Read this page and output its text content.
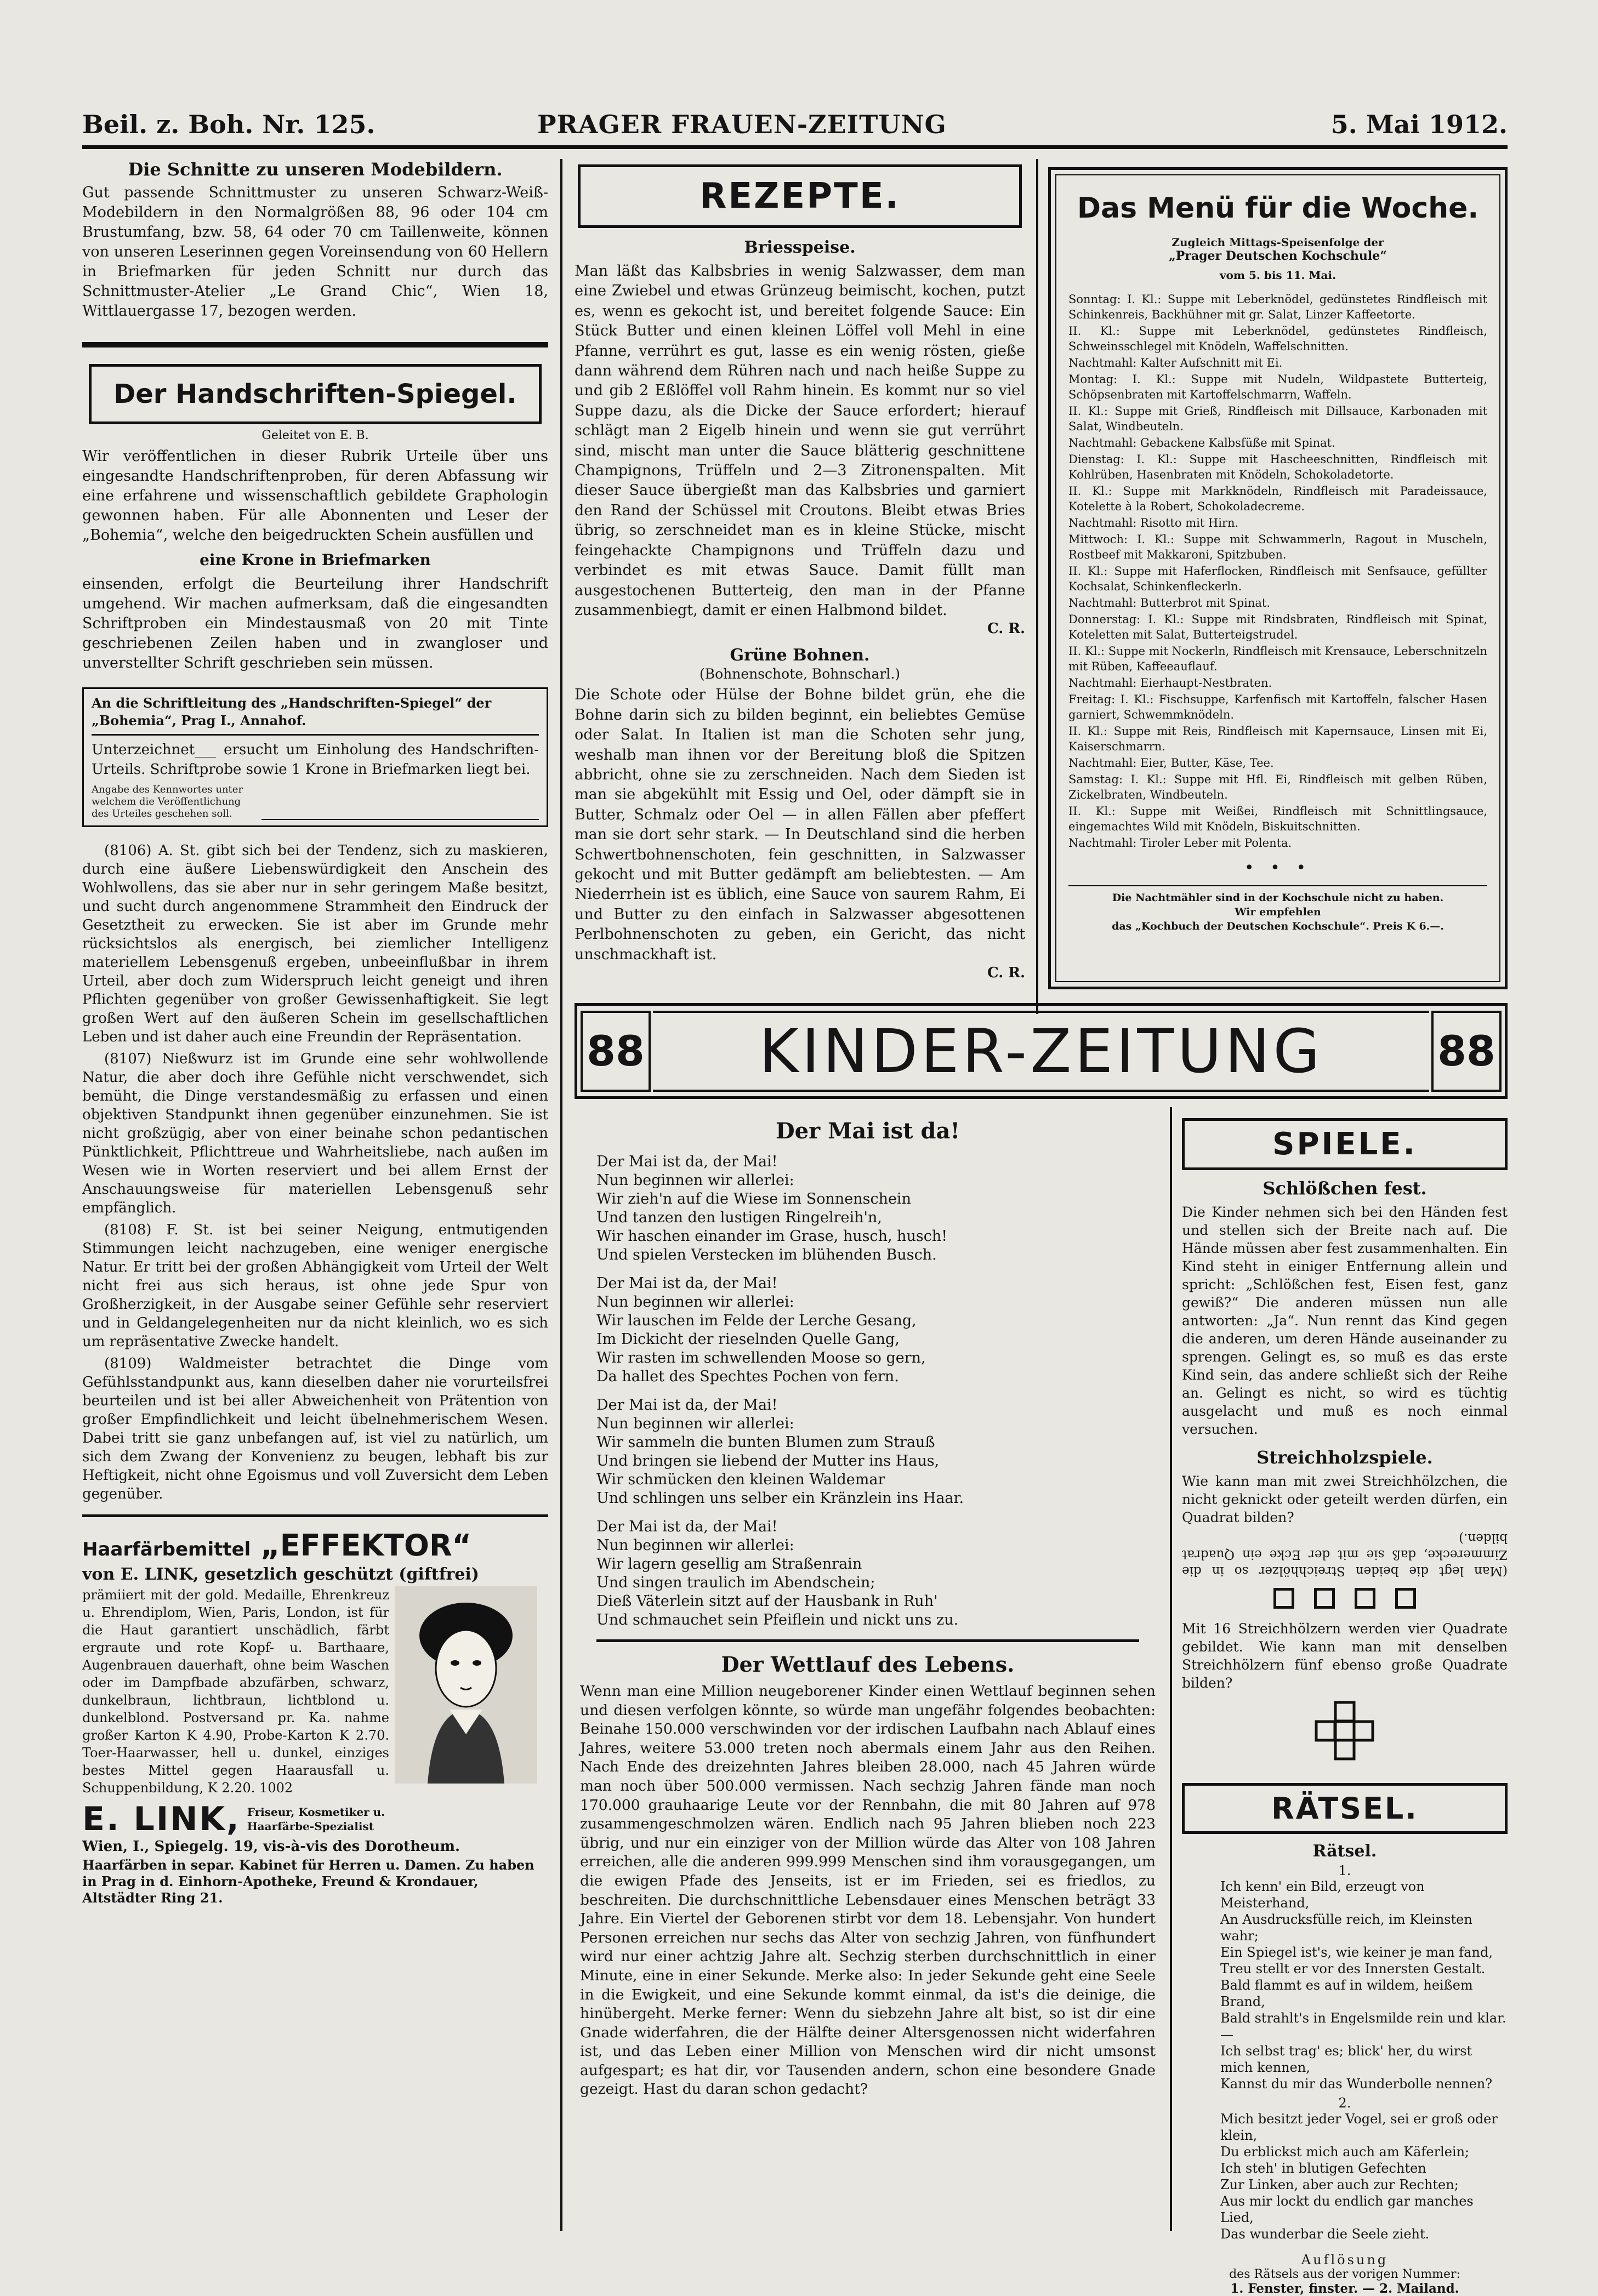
Beil. z. Boh. Nr. 125.	PRAGER FRAUEN-ZEITUNG	5. Mai 1912.
Die Schnitte zu unseren Modebildern.
Gut passende Schnittmuster zu unseren Schwarz-Weiß-Modebildern in den Normalgrößen 88, 96 oder 104 cm Brustumfang, bzw. 58, 64 oder 70 cm Taillenweite, können von unseren Leserinnen gegen Voreinsendung von 60 Hellern in Briefmarken für jeden Schnitt nur durch das Schnittmuster-Atelier „Le Grand Chic“, Wien 18, Wittlauergasse 17, bezogen werden.
Der Handschriften-Spiegel.
Geleitet von E. B.
Wir veröffentlichen in dieser Rubrik Urteile über uns eingesandte Handschriftenproben, für deren Abfassung wir eine erfahrene und wissenschaftlich gebildete Graphologin gewonnen haben. Für alle Abonnenten und Leser der „Bohemia“, welche den beigedruckten Schein ausfüllen und
eine Krone in Briefmarken
einsenden, erfolgt die Beurteilung ihrer Handschrift umgehend. Wir machen aufmerksam, daß die eingesandten Schriftproben ein Mindestausmaß von 20 mit Tinte geschriebenen Zeilen haben und in zwangloser und unverstellter Schrift geschrieben sein müssen.
An die Schriftleitung des „Handschriften-Spiegel“ der „Bohemia“, Prag I., Annahof.
Unterzeichnet___ ersucht um Einholung des Handschriften-Urteils. Schriftprobe sowie 1 Krone in Briefmarken liegt bei.
Angabe des Kennwortes unter welchem die Veröffentlichung des Urteiles geschehen soll.

(8106) A. St. gibt sich bei der Tendenz, sich zu maskieren, durch eine äußere Liebenswürdigkeit den Anschein des Wohlwollens, das sie aber nur in sehr geringem Maße besitzt, und sucht durch angenommene Strammheit den Eindruck der Gesetztheit zu erwecken. Sie ist aber im Grunde mehr rücksichtslos als energisch, bei ziemlicher Intelligenz materiellem Lebensgenuß ergeben, unbeeinflußbar in ihrem Urteil, aber doch zum Widerspruch leicht geneigt und ihren Pflichten gegenüber von großer Gewissenhaftigkeit. Sie legt großen Wert auf den äußeren Schein im gesellschaftlichen Leben und ist daher auch eine Freundin der Repräsentation.

(8107) Nießwurz ist im Grunde eine sehr wohlwollende Natur, die aber doch ihre Gefühle nicht verschwendet, sich bemüht, die Dinge verstandesmäßig zu erfassen und einen objektiven Standpunkt ihnen gegenüber einzunehmen. Sie ist nicht großzügig, aber von einer beinahe schon pedantischen Pünktlichkeit, Pflichttreue und Wahrheitsliebe, nach außen im Wesen wie in Worten reserviert und bei allem Ernst der Anschauungsweise für materiellen Lebensgenuß sehr empfänglich.

(8108) F. St. ist bei seiner Neigung, entmutigenden Stimmungen leicht nachzugeben, eine weniger energische Natur. Er tritt bei der großen Abhängigkeit vom Urteil der Welt nicht frei aus sich heraus, ist ohne jede Spur von Großherzigkeit, in der Ausgabe seiner Gefühle sehr reserviert und in Geldangelegenheiten nur da nicht kleinlich, wo es sich um repräsentative Zwecke handelt.

(8109) Waldmeister betrachtet die Dinge vom Gefühlsstandpunkt aus, kann dieselben daher nie vorurteilsfrei beurteilen und ist bei aller Abweichenheit von Prätention von großer Empfindlichkeit und leicht übelnehmerischem Wesen. Dabei tritt sie ganz unbefangen auf, ist viel zu natürlich, um sich dem Zwang der Konvenienz zu beugen, lebhaft bis zur Heftigkeit, nicht ohne Egoismus und voll Zuversicht dem Leben gegenüber.

Haarfärbemittel „EFFEKTOR“
von E. LINK, gesetzlich geschützt (giftfrei)
prämiiert mit der gold. Medaille, Ehrenkreuz u. Ehrendiplom, Wien, Paris, London, ist für die Haut garantiert unschädlich, färbt ergraute und rote Kopf- u. Barthaare, Augenbrauen dauerhaft, ohne beim Waschen oder im Dampfbade abzufärben, schwarz, dunkelbraun, lichtbraun, lichtblond u. dunkelblond. Postversand pr. Ka. nahme großer Karton K 4.90, Probe-Karton K 2.70. Toer-Haarwasser, hell u. dunkel, einziges bestes Mittel gegen Haarausfall u. Schuppenbildung, K 2.20. 1002
E. LINK, Friseur, Kosmetiker u. Haarfärbe-Spezialist
Wien, I., Spiegelg. 19, vis-à-vis des Dorotheum.
Haarfärben in separ. Kabinet für Herren u. Damen. Zu haben in Prag in d. Einhorn-Apotheke, Freund & Krondauer, Altstädter Ring 21.
REZEPTE.
Briesspeise.
Man läßt das Kalbsbries in wenig Salzwasser, dem man eine Zwiebel und etwas Grünzeug beimischt, kochen, putzt es, wenn es gekocht ist, und bereitet folgende Sauce: Ein Stück Butter und einen kleinen Löffel voll Mehl in eine Pfanne, verrührt es gut, lasse es ein wenig rösten, gieße dann während dem Rühren nach und nach heiße Suppe zu und gib 2 Eßlöffel voll Rahm hinein. Es kommt nur so viel Suppe dazu, als die Dicke der Sauce erfordert; hierauf schlägt man 2 Eigelb hinein und wenn sie gut verrührt sind, mischt man unter die Sauce blätterig geschnittene Champignons, Trüffeln und 2—3 Zitronenspalten. Mit dieser Sauce übergießt man das Kalbsbries und garniert den Rand der Schüssel mit Croutons. Bleibt etwas Bries übrig, so zerschneidet man es in kleine Stücke, mischt feingehackte Champignons und Trüffeln dazu und verbindet es mit etwas Sauce. Damit füllt man ausgestochenen Butterteig, den man in der Pfanne zusammenbiegt, damit er einen Halbmond bildet.
C. R.
Grüne Bohnen.
(Bohnenschote, Bohnscharl.)
Die Schote oder Hülse der Bohne bildet grün, ehe die Bohne darin sich zu bilden beginnt, ein beliebtes Gemüse oder Salat. In Italien ist man die Schoten sehr jung, weshalb man ihnen vor der Bereitung bloß die Spitzen abbricht, ohne sie zu zerschneiden. Nach dem Sieden ist man sie abgekühlt mit Essig und Oel, oder dämpft sie in Butter, Schmalz oder Oel — in allen Fällen aber pfeffert man sie dort sehr stark. — In Deutschland sind die herben Schwertbohnenschoten, fein geschnitten, in Salzwasser gekocht und mit Butter gedämpft am beliebtesten. — Am Niederrhein ist es üblich, eine Sauce von saurem Rahm, Ei und Butter zu den einfach in Salzwasser abgesottenen Perlbohnenschoten zu geben, ein Gericht, das nicht unschmackhaft ist.
C. R.
Das Menü für die Woche.
Zugleich Mittags-Speisenfolge der
„Prager Deutschen Kochschule“
vom 5. bis 11. Mai.
Sonntag: I. Kl.: Suppe mit Leberknödel, gedünstetes Rindfleisch mit Schinkenreis, Backhühner mit gr. Salat, Linzer Kaffeetorte.
II. Kl.: Suppe mit Leberknödel, gedünstetes Rindfleisch, Schweinsschlegel mit Knödeln, Waffelschnitten.
Nachtmahl: Kalter Aufschnitt mit Ei.
Montag: I. Kl.: Suppe mit Nudeln, Wildpastete Butterteig, Schöpsenbraten mit Kartoffelschmarrn, Waffeln.
II. Kl.: Suppe mit Grieß, Rindfleisch mit Dillsauce, Karbonaden mit Salat, Windbeuteln.
Nachtmahl: Gebackene Kalbsfüße mit Spinat.
Dienstag: I. Kl.: Suppe mit Hascheeschnitten, Rindfleisch mit Kohlrüben, Hasenbraten mit Knödeln, Schokoladetorte.
II. Kl.: Suppe mit Markknödeln, Rindfleisch mit Paradeissauce, Kotelette à la Robert, Schokoladecreme.
Nachtmahl: Risotto mit Hirn.
Mittwoch: I. Kl.: Suppe mit Schwammerln, Ragout in Muscheln, Rostbeef mit Makkaroni, Spitzbuben.
II. Kl.: Suppe mit Haferflocken, Rindfleisch mit Senfsauce, gefüllter Kochsalat, Schinkenfleckerln.
Nachtmahl: Butterbrot mit Spinat.
Donnerstag: I. Kl.: Suppe mit Rindsbraten, Rindfleisch mit Spinat, Koteletten mit Salat, Butterteigstrudel.
II. Kl.: Suppe mit Nockerln, Rindfleisch mit Krensauce, Leberschnitzeln mit Rüben, Kaffeeauflauf.
Nachtmahl: Eierhaupt-Nestbraten.
Freitag: I. Kl.: Fischsuppe, Karfenfisch mit Kartoffeln, falscher Hasen garniert, Schwemmknödeln.
II. Kl.: Suppe mit Reis, Rindfleisch mit Kapernsauce, Linsen mit Ei, Kaiserschmarrn.
Nachtmahl: Eier, Butter, Käse, Tee.
Samstag: I. Kl.: Suppe mit Hfl. Ei, Rindfleisch mit gelben Rüben, Zickelbraten, Windbeuteln.
II. Kl.: Suppe mit Weißei, Rindfleisch mit Schnittlingsauce, eingemachtes Wild mit Knödeln, Biskuitschnitten.
Nachtmahl: Tiroler Leber mit Polenta.
• • •
Die Nachtmähler sind in der Kochschule nicht zu haben.
Wir empfehlen
das „Kochbuch der Deutschen Kochschule“. Preis K 6.—.
88	KINDER-ZEITUNG	88
Der Mai ist da!
Der Mai ist da, der Mai!
Nun beginnen wir allerlei:
Wir zieh'n auf die Wiese im Sonnenschein
Und tanzen den lustigen Ringelreih'n,
Wir haschen einander im Grase, husch, husch!
Und spielen Verstecken im blühenden Busch.
Der Mai ist da, der Mai!
Nun beginnen wir allerlei:
Wir lauschen im Felde der Lerche Gesang,
Im Dickicht der rieselnden Quelle Gang,
Wir rasten im schwellenden Moose so gern,
Da hallet des Spechtes Pochen von fern.
Der Mai ist da, der Mai!
Nun beginnen wir allerlei:
Wir sammeln die bunten Blumen zum Strauß
Und bringen sie liebend der Mutter ins Haus,
Wir schmücken den kleinen Waldemar
Und schlingen uns selber ein Kränzlein ins Haar.
Der Mai ist da, der Mai!
Nun beginnen wir allerlei:
Wir lagern gesellig am Straßenrain
Und singen traulich im Abendschein;
Dieß Väterlein sitzt auf der Hausbank in Ruh'
Und schmauchet sein Pfeiflein und nickt uns zu.
Der Wettlauf des Lebens.
Wenn man eine Million neugeborener Kinder einen Wettlauf beginnen sehen und diesen verfolgen könnte, so würde man ungefähr folgendes beobachten: Beinahe 150.000 verschwinden vor der irdischen Laufbahn nach Ablauf eines Jahres, weitere 53.000 treten noch abermals einem Jahr aus den Reihen. Nach Ende des dreizehnten Jahres bleiben 28.000, nach 45 Jahren würde man noch über 500.000 vermissen. Nach sechzig Jahren fände man noch 170.000 grauhaarige Leute vor der Rennbahn, die mit 80 Jahren auf 978 zusammengeschmolzen wären. Endlich nach 95 Jahren blieben noch 223 übrig, und nur ein einziger von der Million würde das Alter von 108 Jahren erreichen, alle die anderen 999.999 Menschen sind ihm vorausgegangen, um die ewigen Pfade des Jenseits, ist er im Frieden, sei es friedlos, zu beschreiten. Die durchschnittliche Lebensdauer eines Menschen beträgt 33 Jahre. Ein Viertel der Geborenen stirbt vor dem 18. Lebensjahr. Von hundert Personen erreichen nur sechs das Alter von sechzig Jahren, von fünfhundert wird nur einer achtzig Jahre alt. Sechzig sterben durchschnittlich in einer Minute, eine in einer Sekunde. Merke also: In jeder Sekunde geht eine Seele in die Ewigkeit, und eine Sekunde kommt einmal, da ist's die deinige, die hinübergeht. Merke ferner: Wenn du siebzehn Jahre alt bist, so ist dir eine Gnade widerfahren, die der Hälfte deiner Altersgenossen nicht widerfahren ist, und das Leben einer Million von Menschen wird dir nicht umsonst aufgespart; es hat dir, vor Tausenden andern, schon eine besondere Gnade gezeigt. Hast du daran schon gedacht?
SPIELE.
Schlößchen fest.
Die Kinder nehmen sich bei den Händen fest und stellen sich der Breite nach auf. Die Hände müssen aber fest zusammenhalten. Ein Kind steht in einiger Entfernung allein und spricht: „Schlößchen fest, Eisen fest, ganz gewiß?“ Die anderen müssen nun alle antworten: „Ja“. Nun rennt das Kind gegen die anderen, um deren Hände auseinander zu sprengen. Gelingt es, so muß es das erste Kind sein, das andere schließt sich der Reihe an. Gelingt es nicht, so wird es tüchtig ausgelacht und muß es noch einmal versuchen.
Streichholzspiele.
Wie kann man mit zwei Streichhölzchen, die nicht geknickt oder geteilt werden dürfen, ein Quadrat bilden?
(Man legt die beiden Streichhölzer so in die Zimmerecke, daß sie mit der Ecke ein Quadrat bilden.)
Mit 16 Streichhölzern werden vier Quadrate gebildet. Wie kann man mit denselben Streichhölzern fünf ebenso große Quadrate bilden?
RÄTSEL.
Rätsel.
1.
Ich kenn' ein Bild, erzeugt von Meisterhand,
An Ausdrucksfülle reich, im Kleinsten wahr;
Ein Spiegel ist's, wie keiner je man fand,
Treu stellt er vor des Innersten Gestalt.
Bald flammt es auf in wildem, heißem Brand,
Bald strahlt's in Engelsmilde rein und klar. —
Ich selbst trag' es; blick' her, du wirst mich kennen,
Kannst du mir das Wunderbolle nennen?
2.
Mich besitzt jeder Vogel, sei er groß oder klein,
Du erblickst mich auch am Käferlein;
Ich steh' in blutigen Gefechten
Zur Linken, aber auch zur Rechten;
Aus mir lockt du endlich gar manches Lied,
Das wunderbar die Seele zieht.
Auflösung
des Rätsels aus der vorigen Nummer:
1. Fenster, finster. — 2. Mailand.
